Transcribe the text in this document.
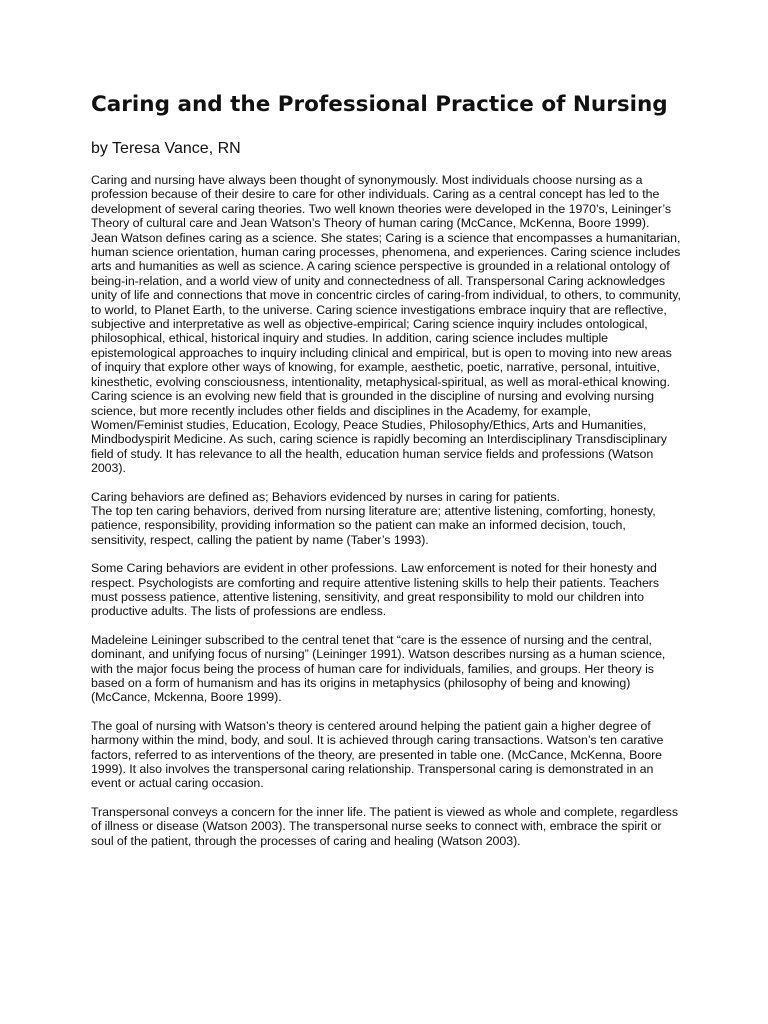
Caring and the Professional Practice of Nursing
by Teresa Vance, RN

Caring and nursing have always been thought of synonymously. Most individuals choose nursing as a profession because of their desire to care for other individuals. Caring as a central concept has led to the development of several caring theories. Two well known theories were developed in the 1970’s, Leininger’s Theory of cultural care and Jean Watson’s Theory of human caring (McCance, McKenna, Boore 1999).

Jean Watson defines caring as a science. She states; Caring is a science that encompasses a humanitarian, human science orientation, human caring processes, phenomena, and experiences. Caring science includes arts and humanities as well as science. A caring science perspective is grounded in a relational ontology of being-in-relation, and a world view of unity and connectedness of all. Transpersonal Caring acknowledges unity of life and connections that move in concentric circles of caring-from individual, to others, to community, to world, to Planet Earth, to the universe. Caring science investigations embrace inquiry that are reflective, subjective and interpretative as well as objective-empirical; Caring science inquiry includes ontological, philosophical, ethical, historical inquiry and studies. In addition, caring science includes multiple epistemological approaches to inquiry including clinical and empirical, but is open to moving into new areas of inquiry that explore other ways of knowing, for example, aesthetic, poetic, narrative, personal, intuitive, kinesthetic, evolving consciousness, intentionality, metaphysical-spiritual, as well as moral-ethical knowing. Caring science is an evolving new field that is grounded in the discipline of nursing and evolving nursing science, but more recently includes other fields and disciplines in the Academy, for example, Women/Feminist studies, Education, Ecology, Peace Studies, Philosophy/Ethics, Arts and Humanities, Mindbodyspirit Medicine. As such, caring science is rapidly becoming an Interdisciplinary Transdisciplinary field of study. It has relevance to all the health, education human service fields and professions (Watson 2003).

Caring behaviors are defined as; Behaviors evidenced by nurses in caring for patients.

The top ten caring behaviors, derived from nursing literature are; attentive listening, comforting, honesty, patience, responsibility, providing information so the patient can make an informed decision, touch, sensitivity, respect, calling the patient by name (Taber’s 1993).

Some Caring behaviors are evident in other professions. Law enforcement is noted for their honesty and respect. Psychologists are comforting and require attentive listening skills to help their patients. Teachers must possess patience, attentive listening, sensitivity, and great responsibility to mold our children into productive adults. The lists of professions are endless.

Madeleine Leininger subscribed to the central tenet that “care is the essence of nursing and the central, dominant, and unifying focus of nursing” (Leininger 1991). Watson describes nursing as a human science, with the major focus being the process of human care for individuals, families, and groups. Her theory is based on a form of humanism and has its origins in metaphysics (philosophy of being and knowing) (McCance, Mckenna, Boore 1999).

The goal of nursing with Watson’s theory is centered around helping the patient gain a higher degree of harmony within the mind, body, and soul. It is achieved through caring transactions. Watson’s ten carative factors, referred to as interventions of the theory, are presented in table one. (McCance, McKenna, Boore 1999). It also involves the transpersonal caring relationship. Transpersonal caring is demonstrated in an event or actual caring occasion.

Transpersonal conveys a concern for the inner life. The patient is viewed as whole and complete, regardless of illness or disease (Watson 2003). The transpersonal nurse seeks to connect with, embrace the spirit or soul of the patient, through the processes of caring and healing (Watson 2003).
